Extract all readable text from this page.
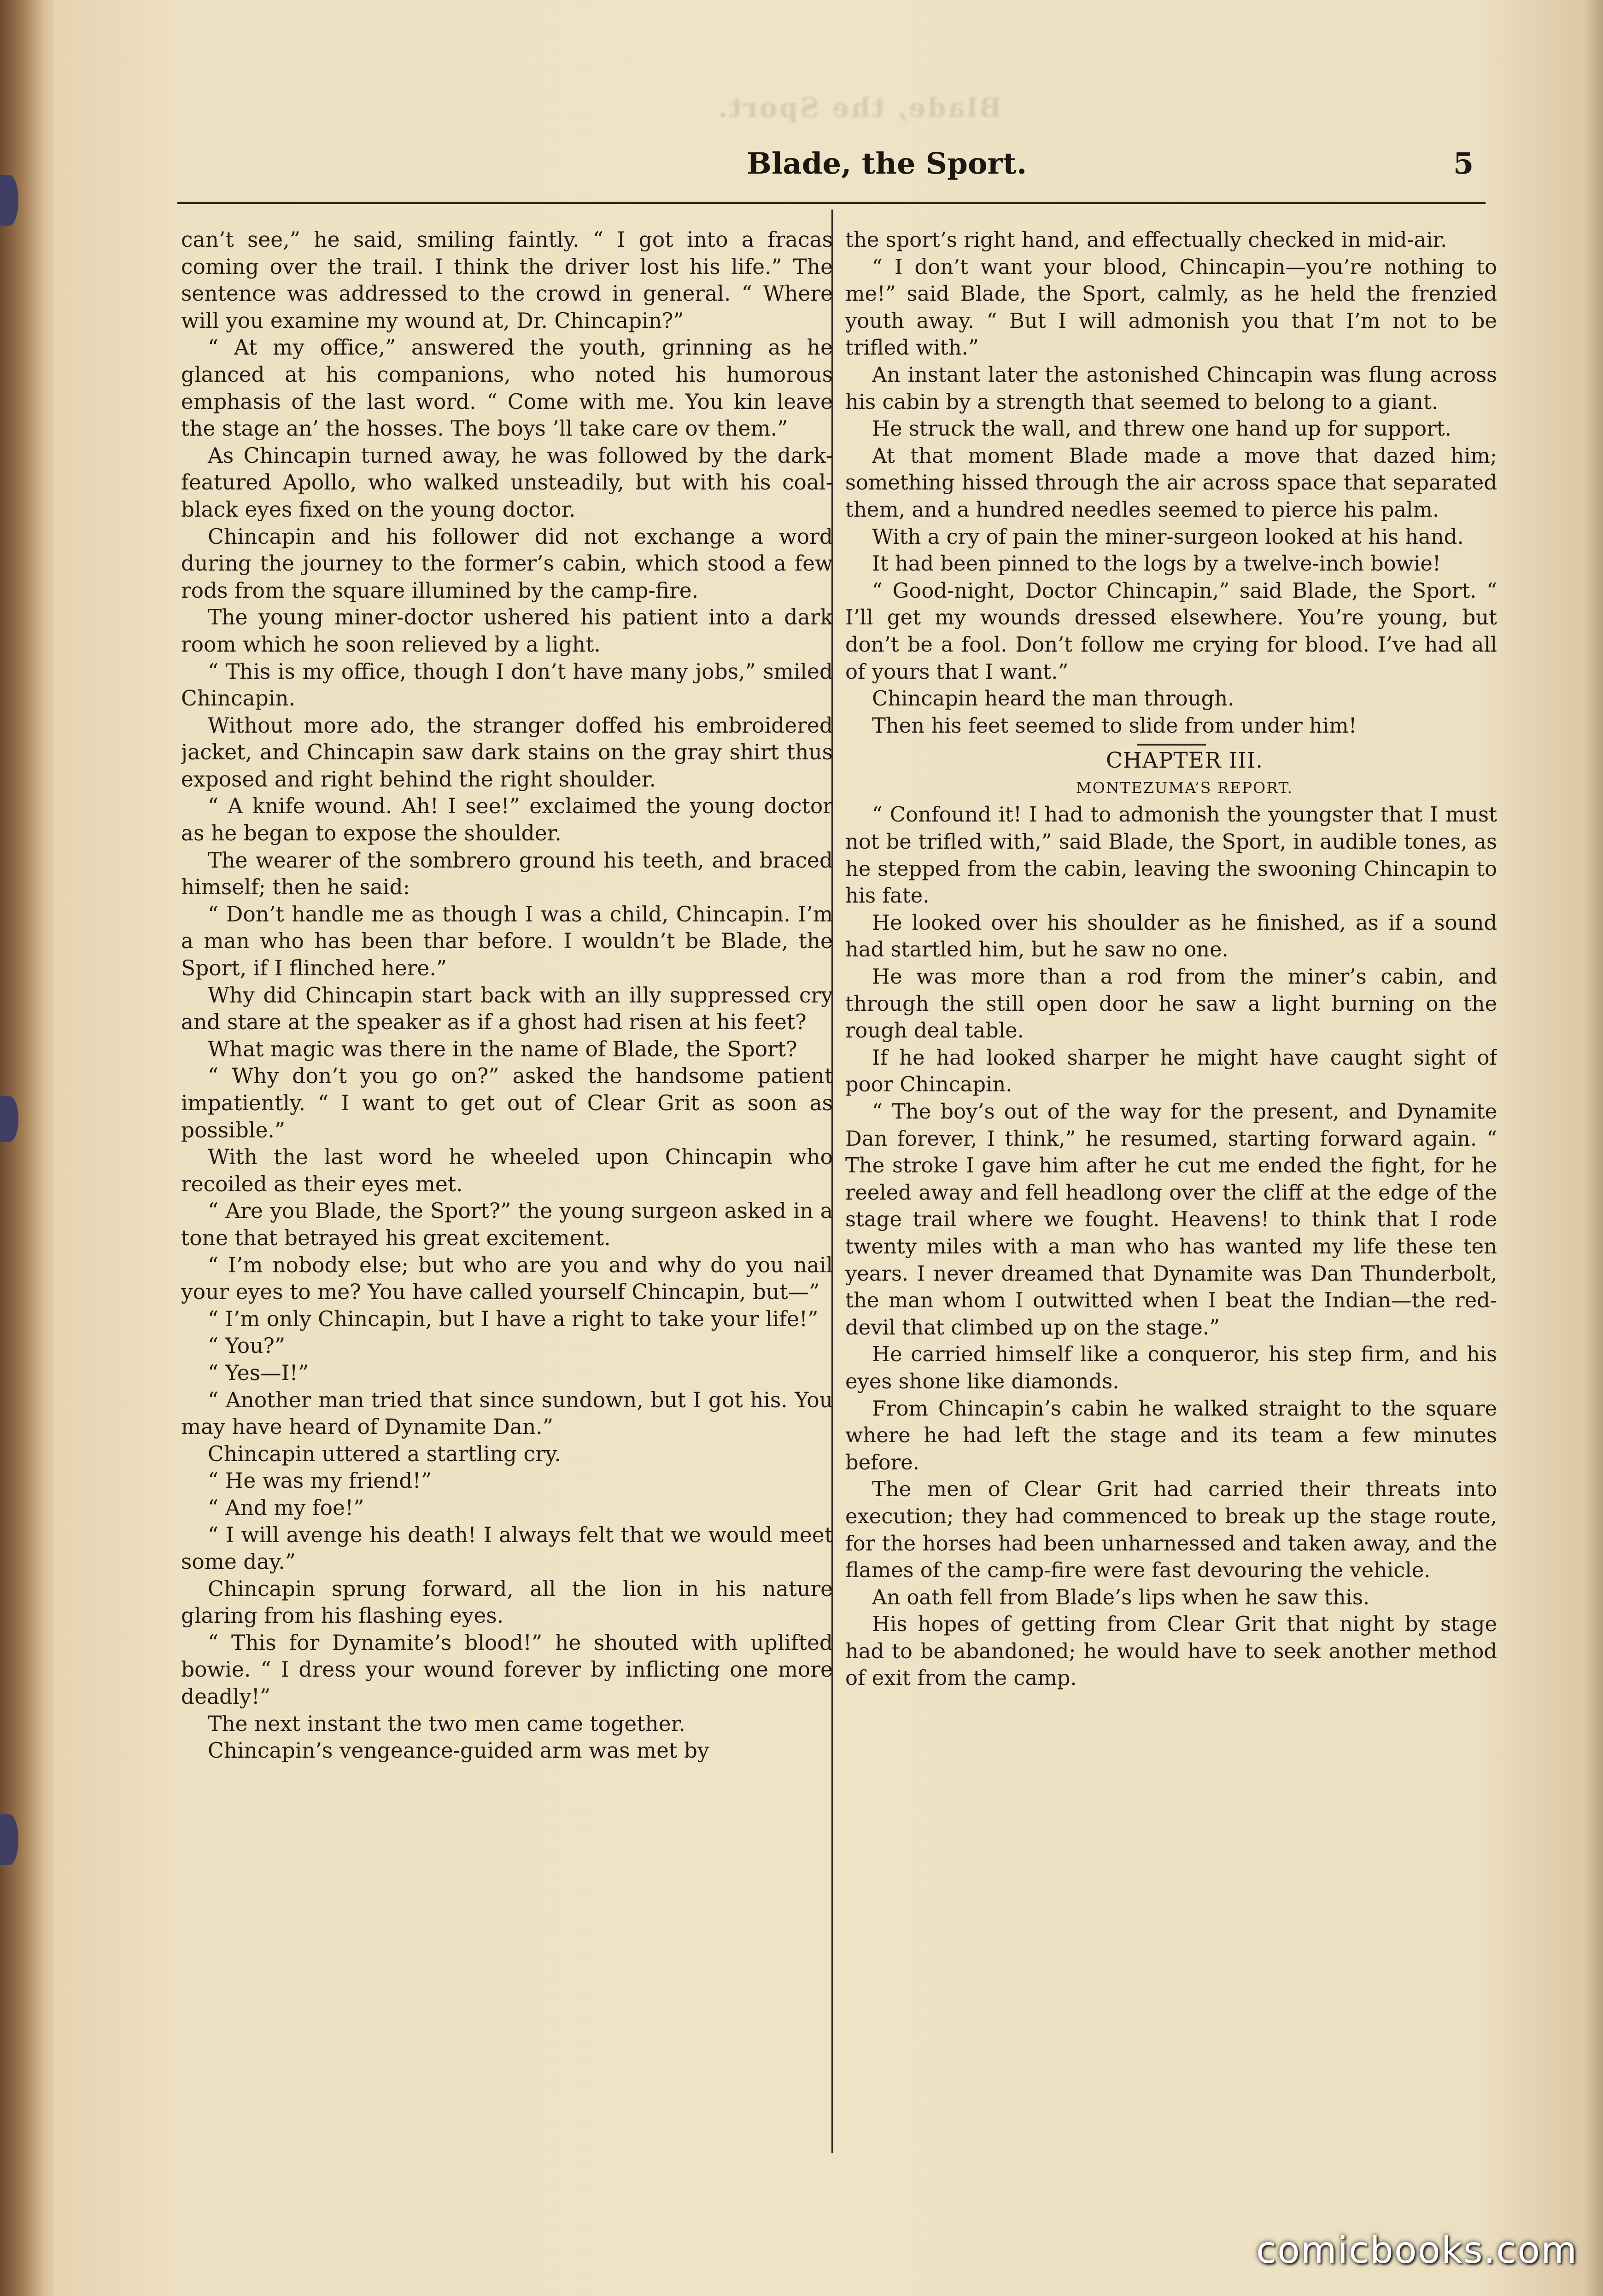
Blade, the Sport.
Blade, the Sport.	5

can’t see,” he said, smiling faintly. “ I got into a fracas coming over the trail. I think the driver lost his life.” The sentence was addressed to the crowd in general. “ Where will you examine my wound at, Dr. Chincapin?”

“ At my office,” answered the youth, grinning as he glanced at his companions, who noted his humorous emphasis of the last word. “ Come with me. You kin leave the stage an’ the hosses. The boys ’ll take care ov them.”

As Chincapin turned away, he was followed by the dark-featured Apollo, who walked unsteadily, but with his coal-black eyes fixed on the young doctor.

Chincapin and his follower did not exchange a word during the journey to the former’s cabin, which stood a few rods from the square illumined by the camp-fire.

The young miner-doctor ushered his patient into a dark room which he soon relieved by a light.

“ This is my office, though I don’t have many jobs,” smiled Chincapin.

Without more ado, the stranger doffed his embroidered jacket, and Chincapin saw dark stains on the gray shirt thus exposed and right behind the right shoulder.

“ A knife wound. Ah! I see!” exclaimed the young doctor as he began to expose the shoulder.

The wearer of the sombrero ground his teeth, and braced himself; then he said:

“ Don’t handle me as though I was a child, Chincapin. I’m a man who has been thar before. I wouldn’t be Blade, the Sport, if I flinched here.”

Why did Chincapin start back with an illy suppressed cry and stare at the speaker as if a ghost had risen at his feet?

What magic was there in the name of Blade, the Sport?

“ Why don’t you go on?” asked the handsome patient impatiently. “ I want to get out of Clear Grit as soon as possible.”

With the last word he wheeled upon Chincapin who recoiled as their eyes met.

“ Are you Blade, the Sport?” the young surgeon asked in a tone that betrayed his great excitement.

“ I’m nobody else; but who are you and why do you nail your eyes to me? You have called yourself Chincapin, but—”

“ I’m only Chincapin, but I have a right to take your life!”

“ You?”

“ Yes—I!”

“ Another man tried that since sundown, but I got his. You may have heard of Dynamite Dan.”

Chincapin uttered a startling cry.

“ He was my friend!”

“ And my foe!”

“ I will avenge his death! I always felt that we would meet some day.”

Chincapin sprung forward, all the lion in his nature glaring from his flashing eyes.

“ This for Dynamite’s blood!” he shouted with uplifted bowie. “ I dress your wound forever by inflicting one more deadly!”

The next instant the two men came together.

Chincapin’s vengeance-guided arm was met by

the sport’s right hand, and effectually checked in mid-air.

“ I don’t want your blood, Chincapin—you’re nothing to me!” said Blade, the Sport, calmly, as he held the frenzied youth away. “ But I will admonish you that I’m not to be trifled with.”

An instant later the astonished Chincapin was flung across his cabin by a strength that seemed to belong to a giant.

He struck the wall, and threw one hand up for support.

At that moment Blade made a move that dazed him; something hissed through the air across space that separated them, and a hundred needles seemed to pierce his palm.

With a cry of pain the miner-surgeon looked at his hand.

It had been pinned to the logs by a twelve-inch bowie!

“ Good-night, Doctor Chincapin,” said Blade, the Sport. “ I’ll get my wounds dressed elsewhere. You’re young, but don’t be a fool. Don’t follow me crying for blood. I’ve had all of yours that I want.”

Chincapin heard the man through.

Then his feet seemed to slide from under him!

CHAPTER III.

MONTEZUMA’S REPORT.

“ Confound it! I had to admonish the youngster that I must not be trifled with,” said Blade, the Sport, in audible tones, as he stepped from the cabin, leaving the swooning Chincapin to his fate.

He looked over his shoulder as he finished, as if a sound had startled him, but he saw no one.

He was more than a rod from the miner’s cabin, and through the still open door he saw a light burning on the rough deal table.

If he had looked sharper he might have caught sight of poor Chincapin.

“ The boy’s out of the way for the present, and Dynamite Dan forever, I think,” he resumed, starting forward again. “ The stroke I gave him after he cut me ended the fight, for he reeled away and fell headlong over the cliff at the edge of the stage trail where we fought. Heavens! to think that I rode twenty miles with a man who has wanted my life these ten years. I never dreamed that Dynamite was Dan Thunderbolt, the man whom I outwitted when I beat the Indian—the red-devil that climbed up on the stage.”

He carried himself like a conqueror, his step firm, and his eyes shone like diamonds.

From Chincapin’s cabin he walked straight to the square where he had left the stage and its team a few minutes before.

The men of Clear Grit had carried their threats into execution; they had commenced to break up the stage route, for the horses had been unharnessed and taken away, and the flames of the camp-fire were fast devouring the vehicle.

An oath fell from Blade’s lips when he saw this.

His hopes of getting from Clear Grit that night by stage had to be abandoned; he would have to seek another method of exit from the camp.

comicbooks.com
